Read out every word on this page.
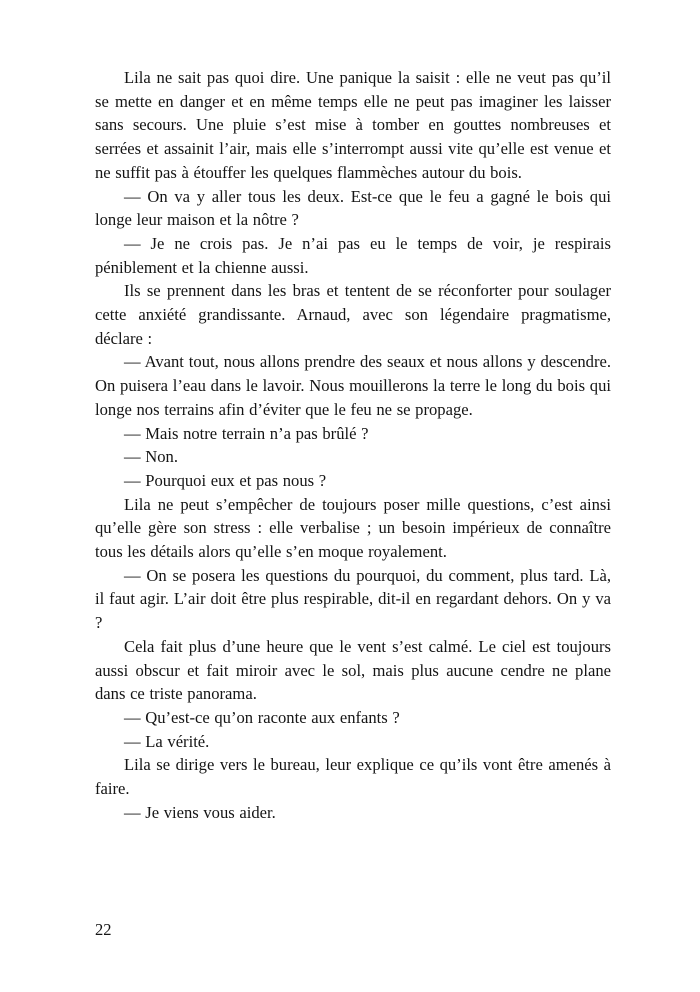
Lila ne sait pas quoi dire. Une panique la saisit : elle ne veut pas qu’il se mette en danger et en même temps elle ne peut pas imaginer les laisser sans secours. Une pluie s’est mise à tomber en gouttes nombreuses et serrées et assainit l’air, mais elle s’interrompt aussi vite qu’elle est venue et ne suffit pas à étouffer les quelques flammèches autour du bois.

— On va y aller tous les deux. Est-ce que le feu a gagné le bois qui longe leur maison et la nôtre ?

— Je ne crois pas. Je n’ai pas eu le temps de voir, je respirais péniblement et la chienne aussi.

Ils se prennent dans les bras et tentent de se réconforter pour soulager cette anxiété grandissante. Arnaud, avec son légendaire pragmatisme, déclare :

— Avant tout, nous allons prendre des seaux et nous allons y descendre. On puisera l’eau dans le lavoir. Nous mouillerons la terre le long du bois qui longe nos terrains afin d’éviter que le feu ne se propage.

— Mais notre terrain n’a pas brûlé ?

— Non.

— Pourquoi eux et pas nous ?

Lila ne peut s’empêcher de toujours poser mille questions, c’est ainsi qu’elle gère son stress : elle verbalise ; un besoin impérieux de connaître tous les détails alors qu’elle s’en moque royalement.

— On se posera les questions du pourquoi, du comment, plus tard. Là, il faut agir. L’air doit être plus respirable, dit-il en regardant dehors. On y va ?

Cela fait plus d’une heure que le vent s’est calmé. Le ciel est toujours aussi obscur et fait miroir avec le sol, mais plus aucune cendre ne plane dans ce triste panorama.

— Qu’est-ce qu’on raconte aux enfants ?

— La vérité.

Lila se dirige vers le bureau, leur explique ce qu’ils vont être amenés à faire.

— Je viens vous aider.

22
